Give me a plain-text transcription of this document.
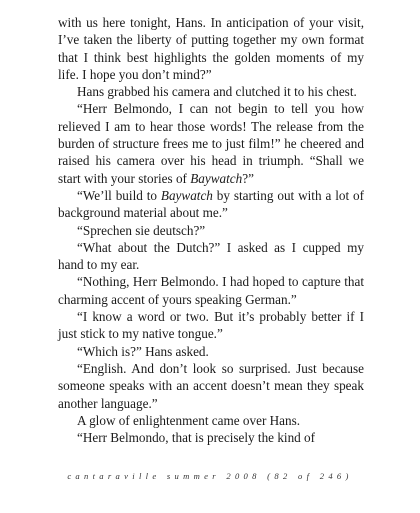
with us here tonight, Hans. In anticipation of your visit, I’ve taken the liberty of putting together my own format that I think best highlights the golden moments of my life. I hope you don’t mind?”

Hans grabbed his camera and clutched it to his chest.

“Herr Belmondo, I can not begin to tell you how relieved I am to hear those words! The release from the burden of structure frees me to just film!” he cheered and raised his camera over his head in triumph. “Shall we start with your stories of Baywatch?”

“We’ll build to Baywatch by starting out with a lot of background material about me.”

“Sprechen sie deutsch?”

“What about the Dutch?” I asked as I cupped my hand to my ear.

“Nothing, Herr Belmondo. I had hoped to capture that charming accent of yours speaking German.”

“I know a word or two. But it’s probably better if I just stick to my native tongue.”

“Which is?” Hans asked.

“English. And don’t look so surprised. Just because someone speaks with an accent doesn’t mean they speak another language.”

A glow of enlightenment came over Hans.

“Herr Belmondo, that is precisely the kind of

cantaraville summer 2008 (82 of 246)
